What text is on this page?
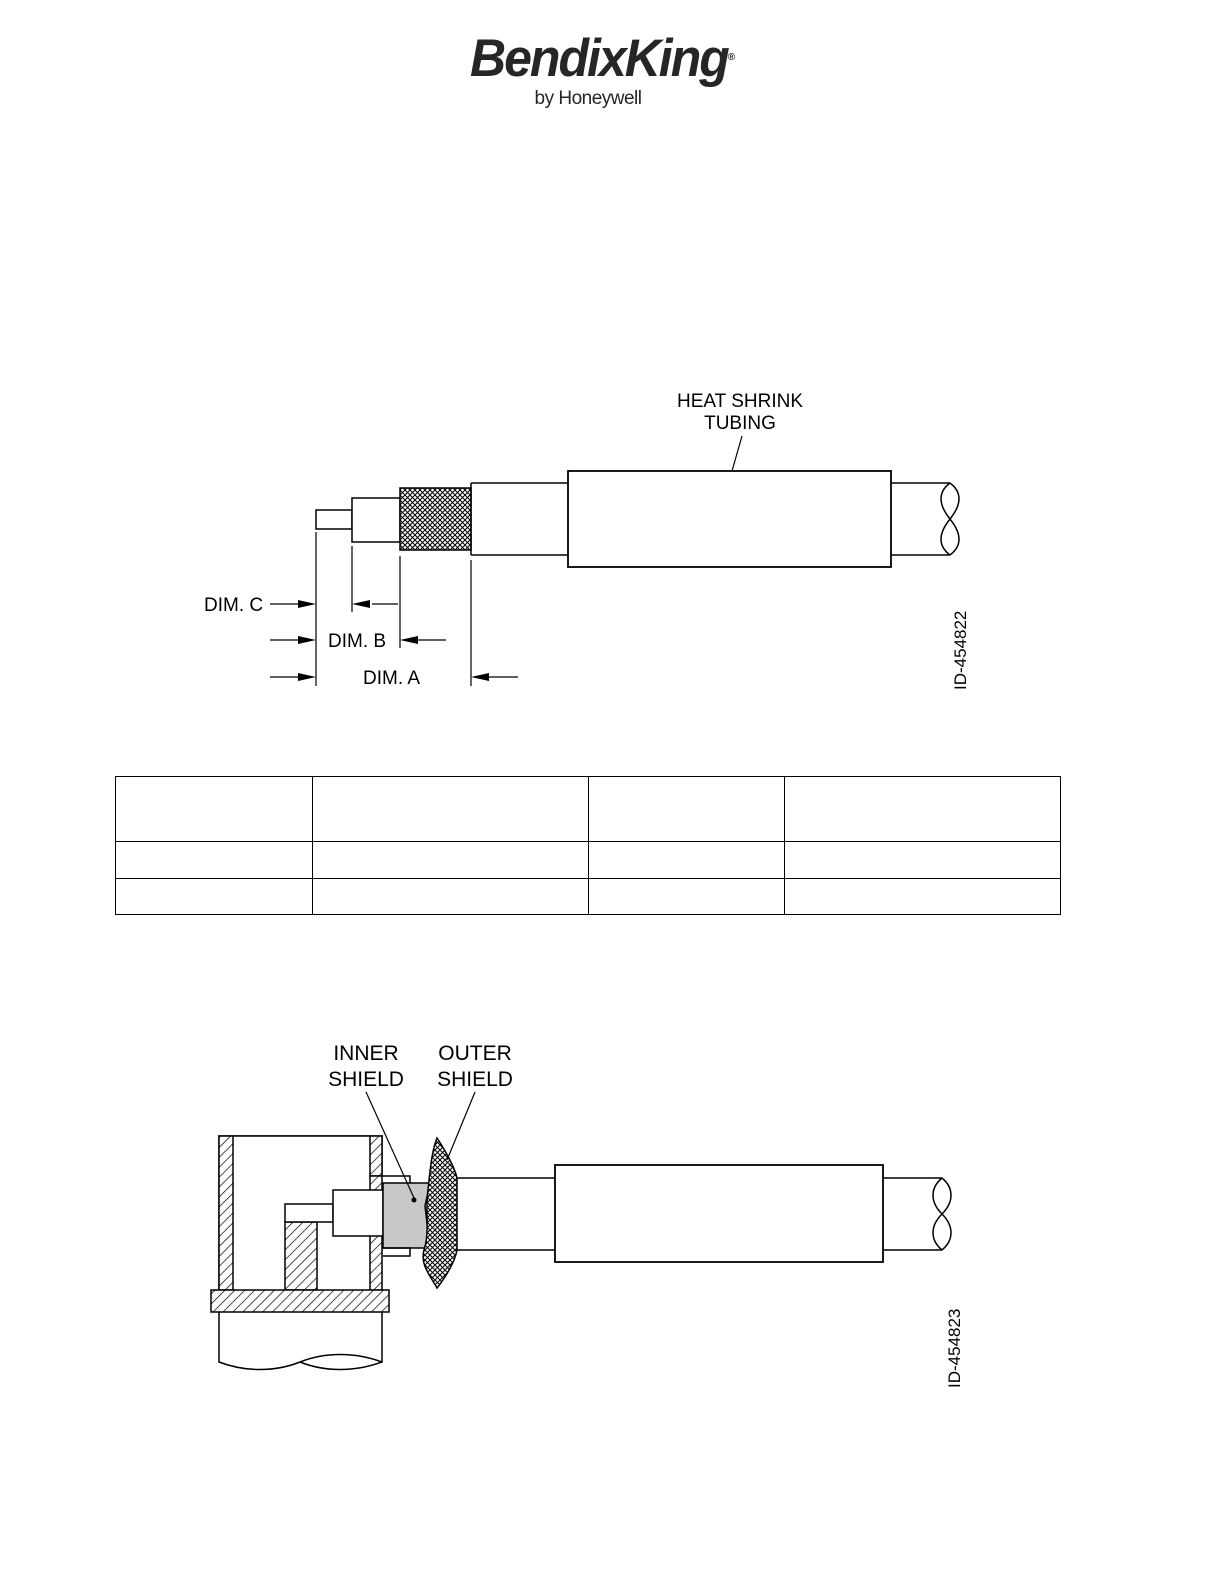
BendixKing®
by Honeywell
HEAT SHRINK
TUBING
DIM. C
DIM. B
DIM. A	ID-454822

INNER
SHIELD
OUTER
SHIELD
ID-454823
